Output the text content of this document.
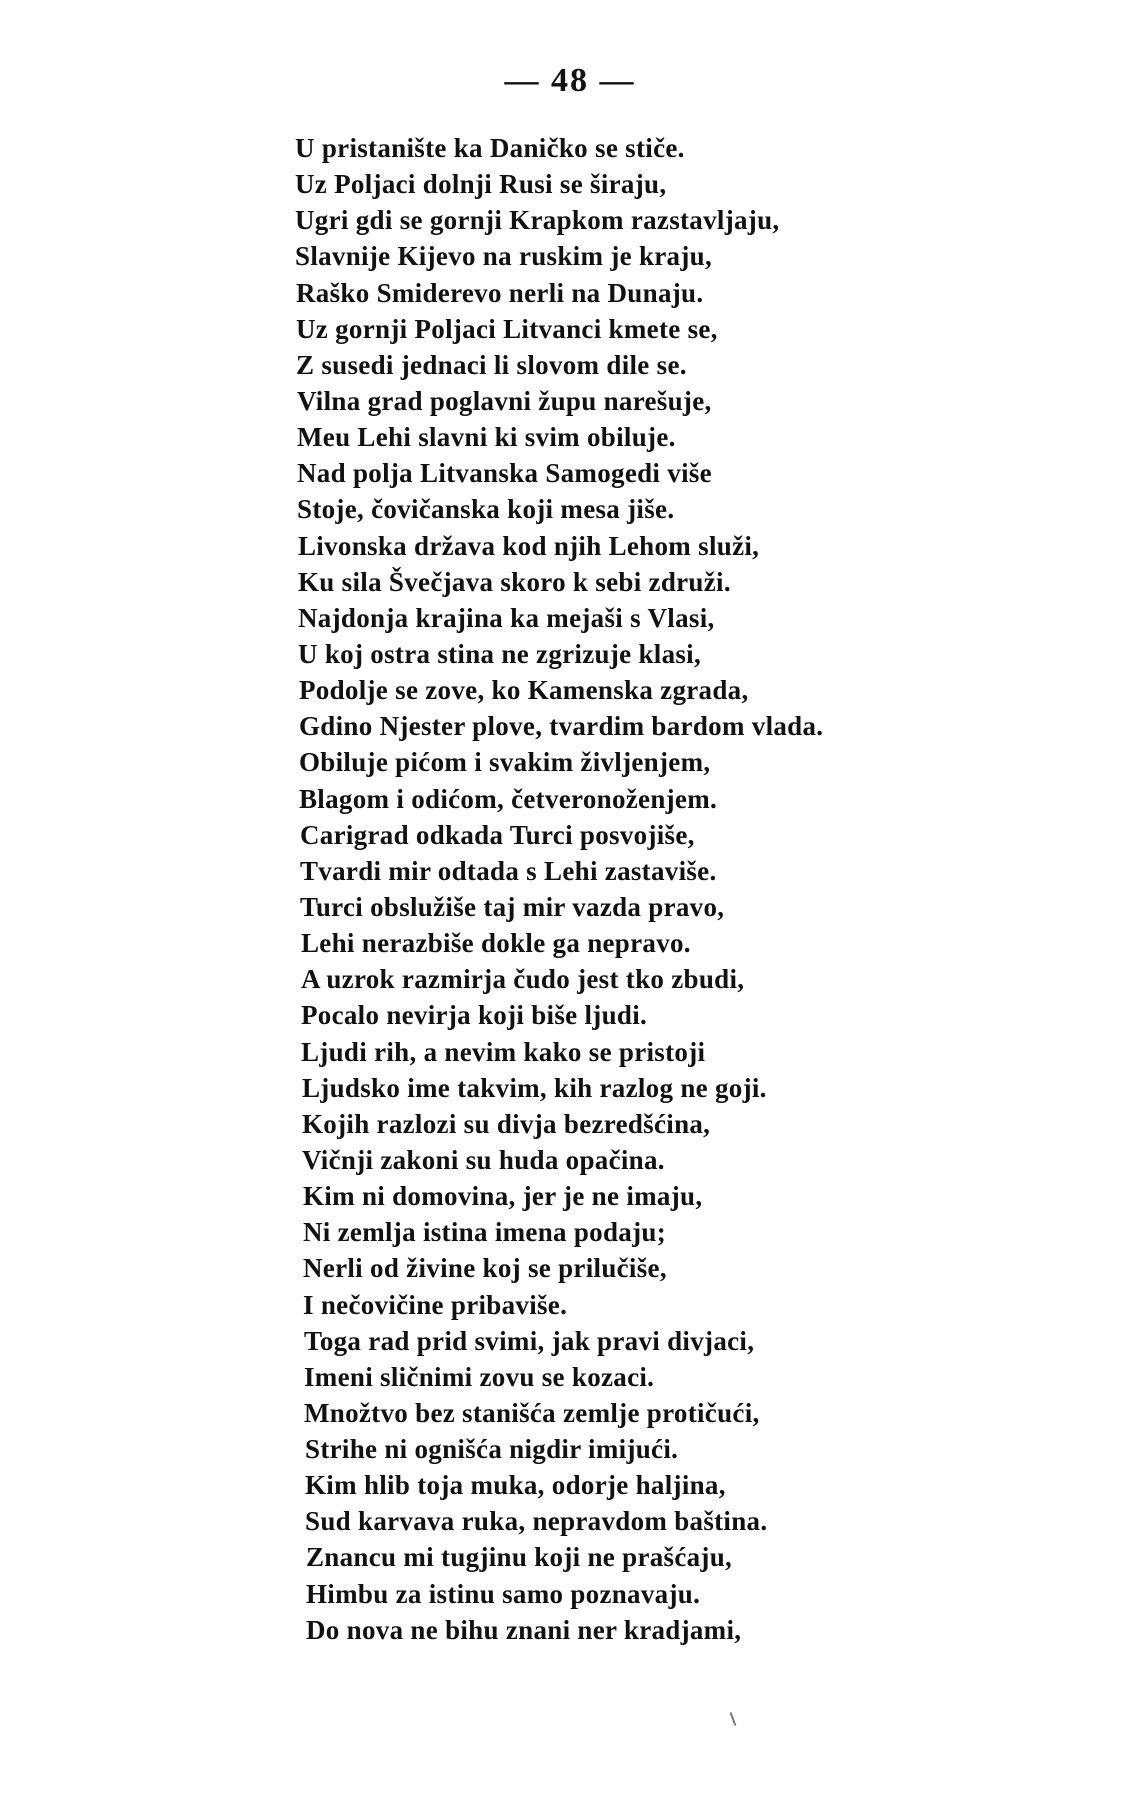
— 48 —
U pristanište ka Daničko se stiče.
Uz Poljaci dolnji Rusi se širaju,
Ugri gdi se gornji Krapkom razstavljaju,
Slavnije Kijevo na ruskim je kraju,
Raško Smiderevo nerli na Dunaju.
Uz gornji Poljaci Litvanci kmete se,
Z susedi jednaci li slovom dile se.
Vilna grad poglavni župu narešuje,
Meu Lehi slavni ki svim obiluje.
Nad polja Litvanska Samogedi više
Stoje, čovičanska koji mesa jiše.
Livonska država kod njih Lehom služi,
Ku sila Švečjava skoro k sebi združi.
Najdonja krajina ka mejaši s Vlasi,
U koj ostra stina ne zgrizuje klasi,
Podolje se zove, ko Kamenska zgrada,
Gdino Njester plove, tvardim bardom vlada.
Obiluje pićom i svakim življenjem,
Blagom i odićom, četveronoženjem.
Carigrad odkada Turci posvojiše,
Tvardi mir odtada s Lehi zastaviše.
Turci obslužiše taj mir vazda pravo,
Lehi nerazbiše dokle ga nepravo.
A uzrok razmirja čudo jest tko zbudi,
Pocalo nevirja koji biše ljudi.
Ljudi rih, a nevim kako se pristoji
Ljudsko ime takvim, kih razlog ne goji.
Kojih razlozi su divja bezredšćina,
Vičnji zakoni su huda opačina.
Kim ni domovina, jer je ne imaju,
Ni zemlja istina imena podaju;
Nerli od živine koj se prilučiše,
I nečovičine pribaviše.
Toga rad prid svimi, jak pravi divjaci,
Imeni sličnimi zovu se kozaci.
Množtvo bez stanišća zemlje protičući,
Strihe ni ognišća nigdir imijući.
Kim hlib toja muka, odorje haljina,
Sud karvava ruka, nepravdom baština.
Znancu mi tugjinu koji ne prašćaju,
Himbu za istinu samo poznavaju.
Do nova ne bihu znani ner kradjami,
